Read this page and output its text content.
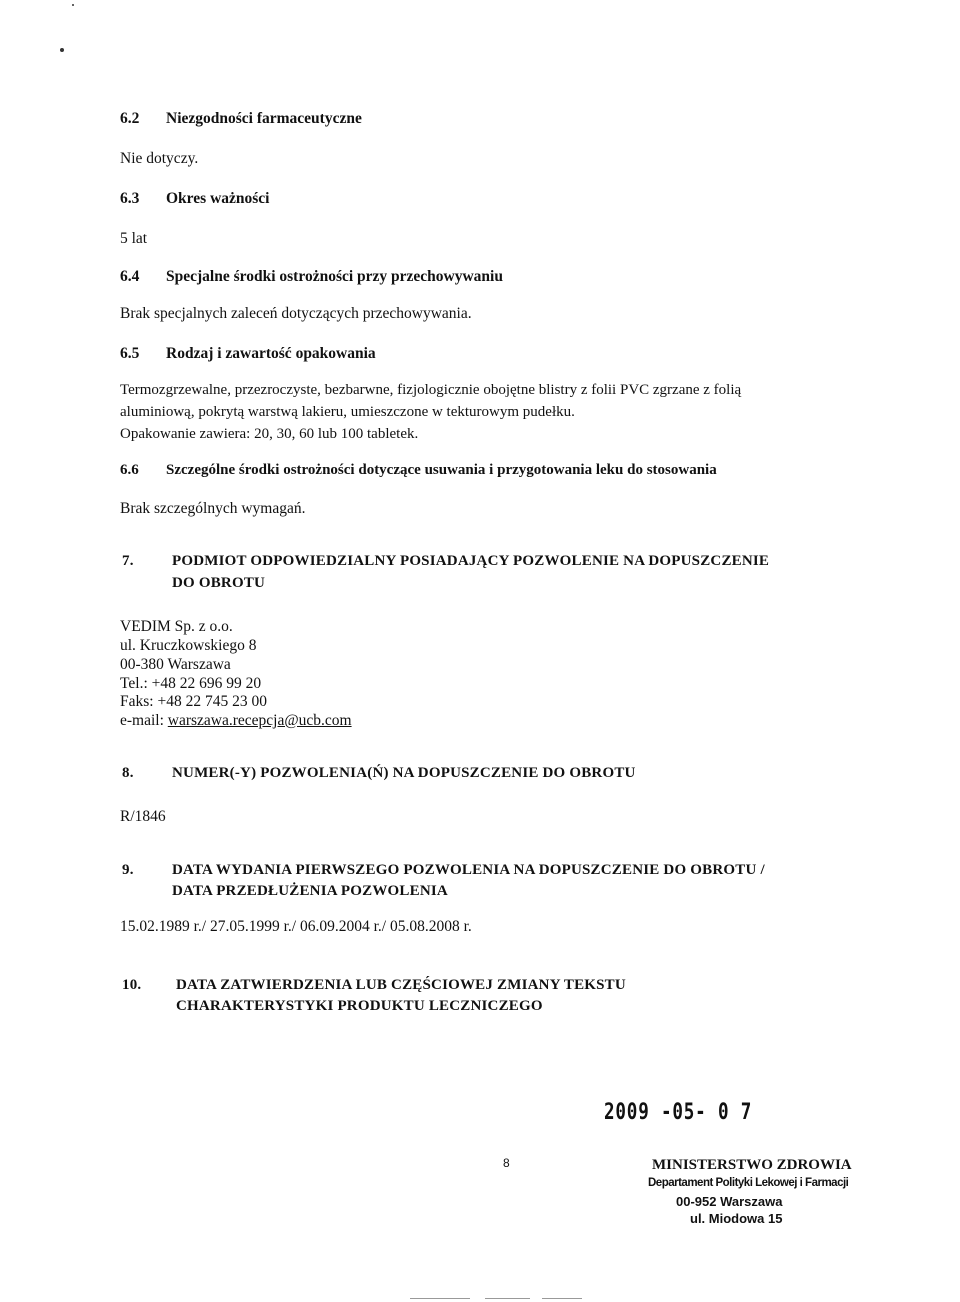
6.2 Niezgodności farmaceutyczne
Nie dotyczy.
6.3 Okres ważności
5 lat
6.4 Specjalne środki ostrożności przy przechowywaniu
Brak specjalnych zaleceń dotyczących przechowywania.
6.5 Rodzaj i zawartość opakowania
Termozgrzewalne, przezroczyste, bezbarwne, fizjologicznie obojętne blistry z folii PVC zgrzane z folią
aluminiową, pokrytą warstwą lakieru, umieszczone w tekturowym pudełku.
Opakowanie zawiera: 20, 30, 60 lub 100 tabletek.
6.6 Szczególne środki ostrożności dotyczące usuwania i przygotowania leku do stosowania
Brak szczególnych wymagań.
7.	PODMIOT ODPOWIEDZIALNY POSIADAJĄCY POZWOLENIE NA DOPUSZCZENIE
DO OBROTU
VEDIM Sp. z o.o.
ul. Kruczkowskiego 8
00-380 Warszawa
Tel.: +48 22 696 99 20
Faks: +48 22 745 23 00
e-mail: warszawa.recepcja@ucb.com
8.	NUMER(-Y) POZWOLENIA(Ń) NA DOPUSZCZENIE DO OBROTU
R/1846
9.	DATA WYDANIA PIERWSZEGO POZWOLENIA NA DOPUSZCZENIE DO OBROTU /
DATA PRZEDŁUŻENIA POZWOLENIA
15.02.1989 r./ 27.05.1999 r./ 06.09.2004 r./ 05.08.2008 r.
10. DATA ZATWIERDZENIA LUB CZĘŚCIOWEJ ZMIANY TEKSTU
CHARAKTERYSTYKI PRODUKTU LECZNICZEGO
2009 -05- 0 7
8	MINISTERSTWO ZDROWIA
Departament Polityki Lekowej i Farmacji
00-952 Warszawa
ul. Miodowa 15
